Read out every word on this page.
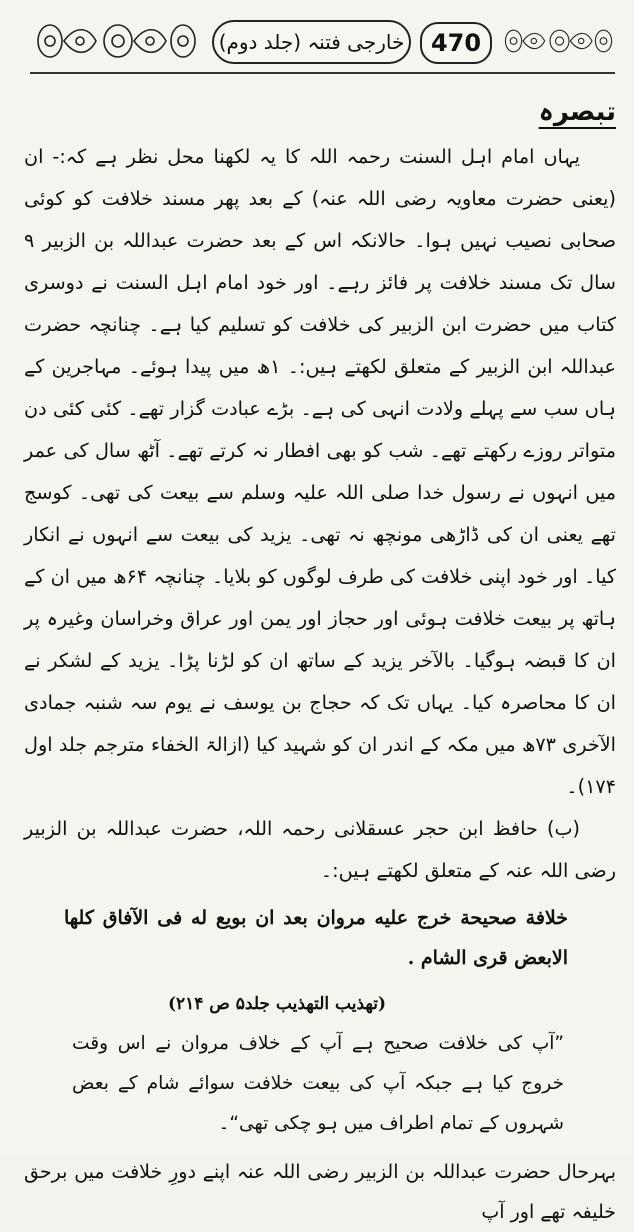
خارجی فتنہ (جلد دوم)	470
تبصرہ

یہاں امام اہل السنت رحمہ اللہ کا یہ لکھنا محل نظر ہے کہ:- ان (یعنی حضرت معاویہ رضی اللہ عنہ) کے بعد پھر مسند خلافت کو کوئی صحابی نصیب نہیں ہوا۔ حالانکہ اس کے بعد حضرت عبداللہ بن الزبیر ۹ سال تک مسند خلافت پر فائز رہے۔ اور خود امام اہل السنت نے دوسری کتاب میں حضرت ابن الزبیر کی خلافت کو تسلیم کیا ہے۔ چنانچہ حضرت عبداللہ ابن الزبیر کے متعلق لکھتے ہیں:۔ ۱ھ میں پیدا ہوئے۔ مہاجرین کے ہاں سب سے پہلے ولادت انہی کی ہے۔ بڑے عبادت گزار تھے۔ کئی کئی دن متواتر روزے رکھتے تھے۔ شب کو بھی افطار نہ کرتے تھے۔ آٹھ سال کی عمر میں انہوں نے رسول خدا صلی اللہ علیہ وسلم سے بیعت کی تھی۔ کوسج تھے یعنی ان کی ڈاڑھی مونچھ نہ تھی۔ یزید کی بیعت سے انہوں نے انکار کیا۔ اور خود اپنی خلافت کی طرف لوگوں کو بلایا۔ چنانچہ ۶۴ھ میں ان کے ہاتھ پر بیعت خلافت ہوئی اور حجاز اور یمن اور عراق وخراسان وغیرہ پر ان کا قبضہ ہوگیا۔ بالآخر یزید کے ساتھ ان کو لڑنا پڑا۔ یزید کے لشکر نے ان کا محاصرہ کیا۔ یہاں تک کہ حجاج بن یوسف نے یوم سہ شنبہ جمادی الآخری ۷۳ھ میں مکہ کے اندر ان کو شہید کیا (ازالۃ الخفاء مترجم جلد اول ۱۷۴)۔

(ب) حافظ ابن حجر عسقلانی رحمہ اللہ، حضرت عبداللہ بن الزبیر رضی اللہ عنہ کے متعلق لکھتے ہیں:۔

خلافة صحيحة خرج عليه مروان بعد ان بويع له فى الآفاق كلها الابعض قرى الشام .
(تهذيب التهذيب جلد۵ ص ۲۱۴)
”آپ کی خلافت صحیح ہے آپ کے خلاف مروان نے اس وقت خروج کیا ہے جبکہ آپ کی بیعت خلافت سوائے شام کے بعض شہروں کے تمام اطراف میں ہو چکی تھی“۔
بہرحال حضرت عبداللہ بن الزبیر رضی اللہ عنہ اپنے دورِ خلافت میں برحق خلیفہ تھے اور آپ
